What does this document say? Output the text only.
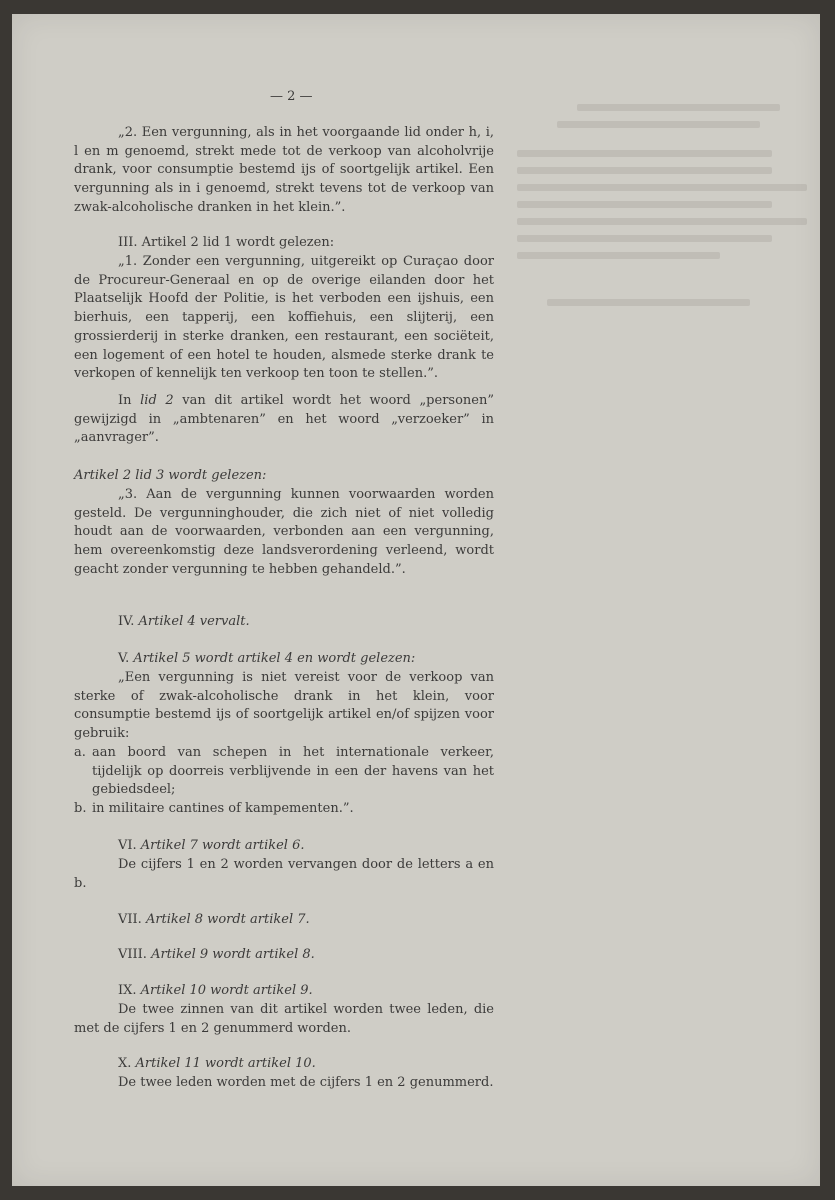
— 2 —

„2. Een vergunning, als in het voorgaande lid onder h, i, l en m genoemd, strekt mede tot de verkoop van alcoholvrije drank, voor consumptie bestemd ijs of soortgelijk artikel. Een vergunning als in i genoemd, strekt tevens tot de verkoop van zwak-alcoholische dranken in het klein.”.

III. Artikel 2 lid 1 wordt gelezen:

„1. Zonder een vergunning, uitgereikt op Curaçao door de Procureur-Generaal en op de overige eilanden door het Plaatselijk Hoofd der Politie, is het verboden een ijshuis, een bierhuis, een tapperij, een koffiehuis, een slijterij, een grossierderij in sterke dranken, een restaurant, een sociëteit, een logement of een hotel te houden, alsmede sterke drank te verkopen of kennelijk ten verkoop ten toon te stellen.”.

In lid 2 van dit artikel wordt het woord „personen” gewijzigd in „ambtenaren” en het woord „verzoeker” in „aanvrager”.

Artikel 2 lid 3 wordt gelezen:

„3. Aan de vergunning kunnen voorwaarden worden gesteld. De vergunninghouder, die zich niet of niet volledig houdt aan de voorwaarden, verbonden aan een vergunning, hem overeenkomstig deze landsverordening verleend, wordt geacht zonder vergunning te hebben gehandeld.”.

IV. Artikel 4 vervalt.

V. Artikel 5 wordt artikel 4 en wordt gelezen:

„Een vergunning is niet vereist voor de verkoop van sterke of zwak-alcoholische drank in het klein, voor consumptie bestemd ijs of soortgelijk artikel en/of spijzen voor gebruik:

a. aan boord van schepen in het internationale verkeer, tijdelijk op doorreis verblijvende in een der havens van het gebiedsdeel;
b. in militaire cantines of kampementen.”.

VI. Artikel 7 wordt artikel 6.

De cijfers 1 en 2 worden vervangen door de letters a en b.

VII. Artikel 8 wordt artikel 7.

VIII. Artikel 9 wordt artikel 8.

IX. Artikel 10 wordt artikel 9.

De twee zinnen van dit artikel worden twee leden, die met de cijfers 1 en 2 genummerd worden.

X. Artikel 11 wordt artikel 10.

De twee leden worden met de cijfers 1 en 2 genummerd.
